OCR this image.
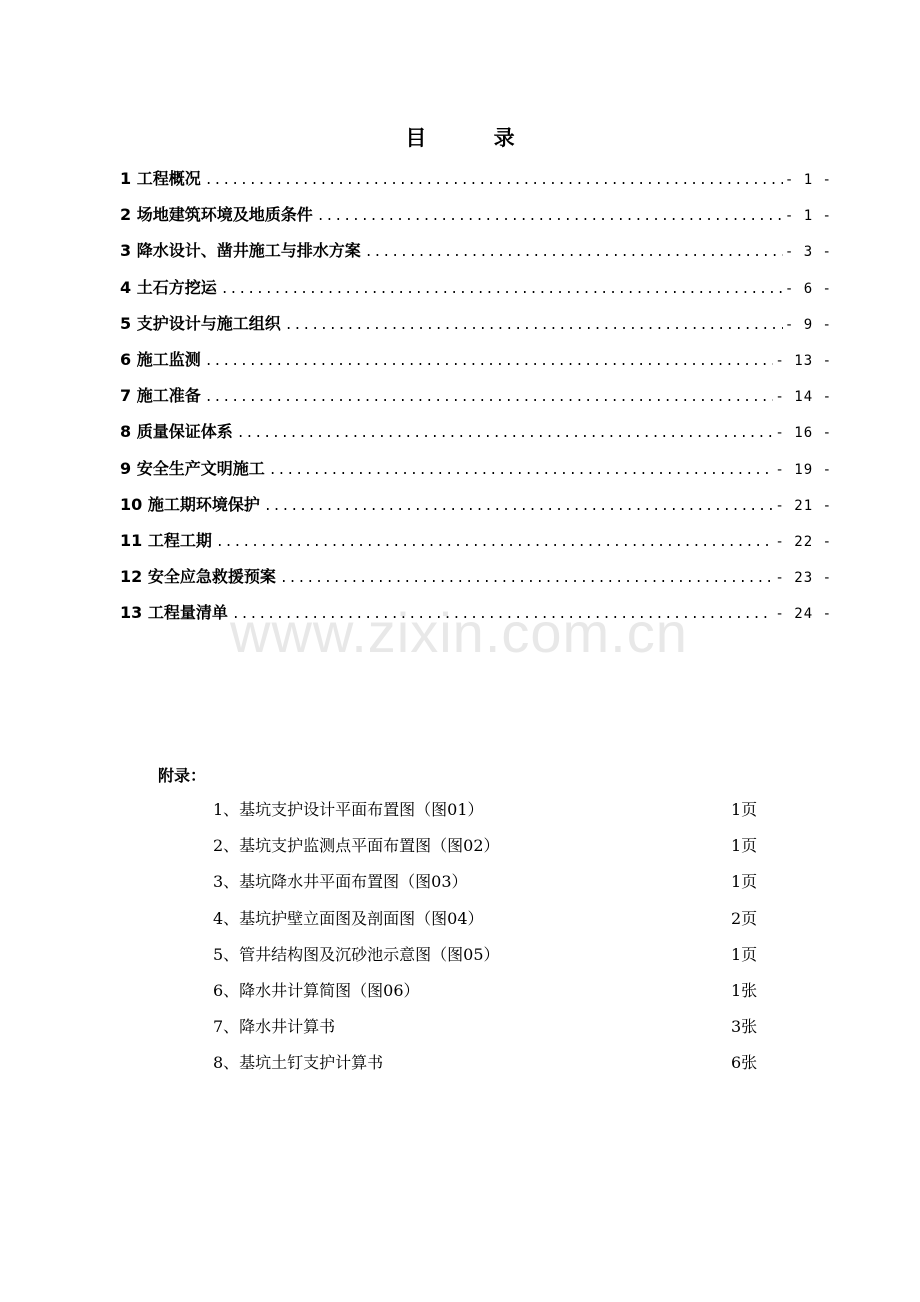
目 录
1 工程概况 .....	- 1 -
2 场地建筑环境及地质条件 .....	- 1 -
3 降水设计、凿井施工与排水方案 .....	- 3 -
4 土石方挖运 .....	- 6 -
5 支护设计与施工组织 .....	- 9 -
6 施工监测 .....	- 13 -
7 施工准备 .....	- 14 -
8 质量保证体系 .....	- 16 -
9 安全生产文明施工 .....	- 19 -
10 施工期环境保护 .....	- 21 -
11 工程工期 .....	- 22 -
12 安全应急救援预案 .....	- 23 -
13 工程量清单 .....	- 24 -
www.zixin.com.cn
附录：
1、基坑支护设计平面布置图（图01）	1页
2、基坑支护监测点平面布置图（图02）	1页
3、基坑降水井平面布置图（图03）	1页
4、基坑护壁立面图及剖面图（图04）	2页
5、管井结构图及沉砂池示意图（图05）	1页
6、降水井计算简图（图06）	1张
7、降水井计算书	3张
8、基坑土钉支护计算书	6张
